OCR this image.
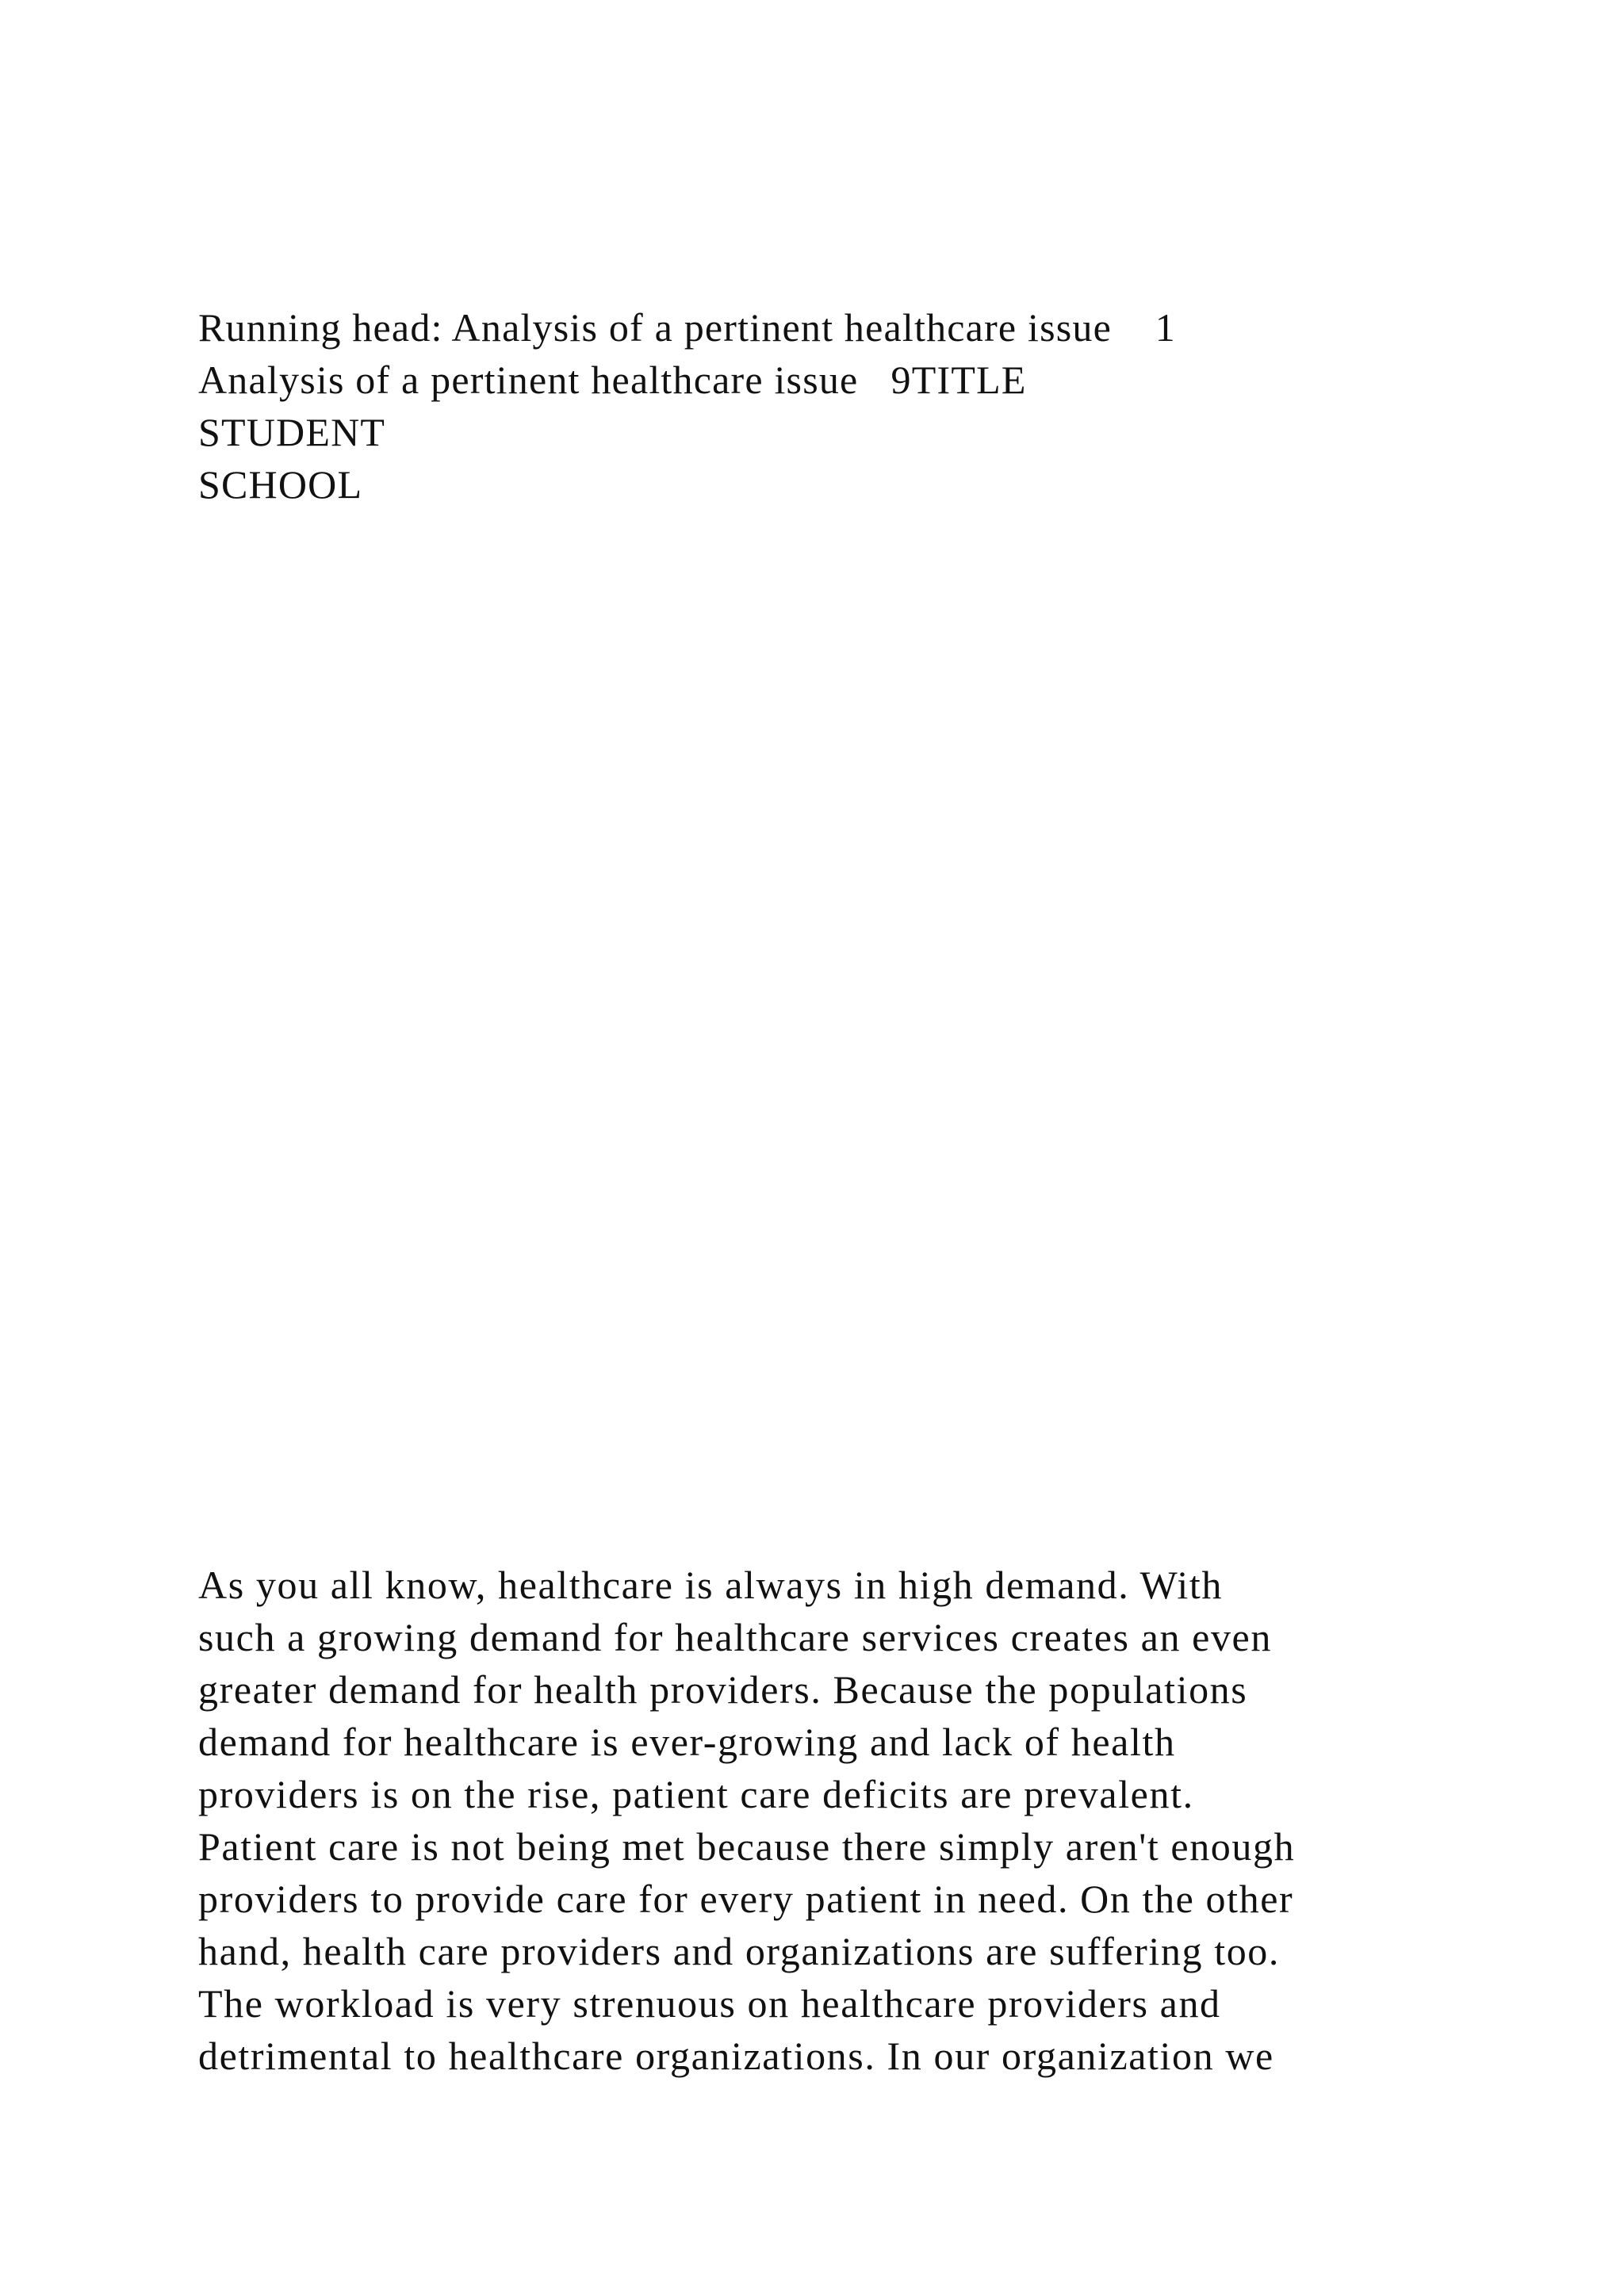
Running head: Analysis of a pertinent healthcare issue    1

Analysis of a pertinent healthcare issue   9TITLE

STUDENT

SCHOOL

As you all know, healthcare is always in high demand. With

such a growing demand for healthcare services creates an even

greater demand for health providers. Because the populations

demand for healthcare is ever-growing and lack of health

providers is on the rise, patient care deficits are prevalent.

Patient care is not being met because there simply aren't enough

providers to provide care for every patient in need. On the other

hand, health care providers and organizations are suffering too.

The workload is very strenuous on healthcare providers and

detrimental to healthcare organizations. In our organization we
